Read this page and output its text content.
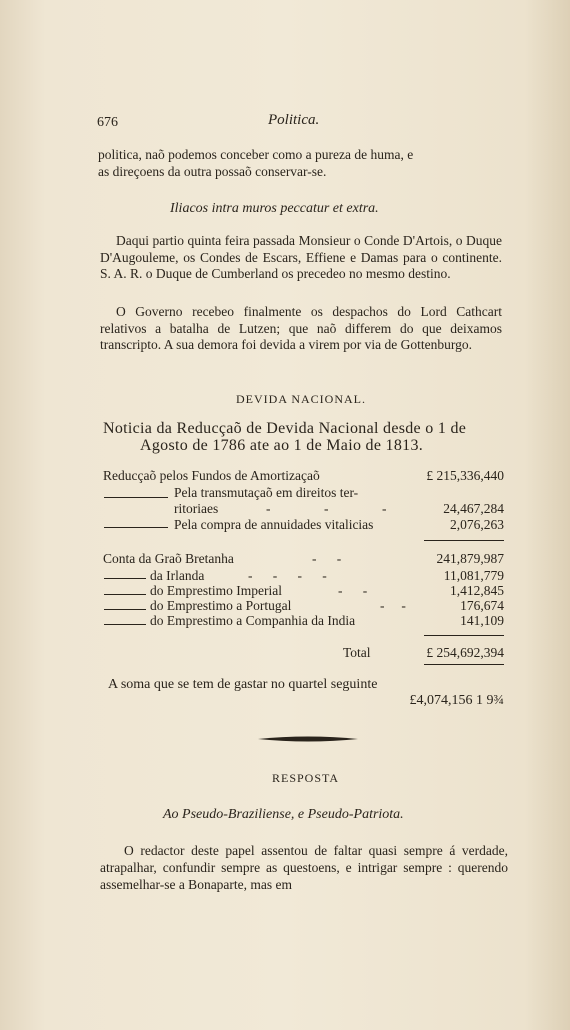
676	Politica.
politica, naõ podemos conceber como a pureza de huma, e
as direçoens da outra possaõ conservar-se.
Iliacos intra muros peccatur et extra.
Daqui partio quinta feira passada Monsieur o Conde D'Artois, o Duque D'Augouleme, os Condes de Escars, Effiene e Damas para o continente. S. A. R. o Duque de Cumberland os precedeo no mesmo destino.
O Governo recebeo finalmente os despachos do Lord Cathcart relativos a batalha de Lutzen; que naõ differem do que deixamos transcripto. A sua demora foi devida a virem por via de Gottenburgo.
DEVIDA NACIONAL.
Noticia da Reducçaõ de Devida Nacional desde o 1 de
Agosto de 1786 ate ao 1 de Maio de 1813.
Reducçaõ pelos Fundos de Amortizaçaõ	£ 215,336,440
Pela transmutaçaõ em direitos ter-
ritoriaes	-    -    -	24,467,284
Pela compra de annuidades vitalicias	2,076,263
Conta da Graõ Bretanha	-      -	241,879,987
da Irlanda	-      -      -      -	11,081,779
do Emprestimo Imperial	-      -	1,412,845
do Emprestimo a Portugal	-     -	176,674
do Emprestimo a Companhia da India	141,109
Total	£ 254,692,394
A soma que se tem de gastar no quartel seguinte
£4,074,156 1 9¾
RESPOSTA
Ao Pseudo-Braziliense, e Pseudo-Patriota.
O redactor deste papel assentou de faltar quasi sempre á verdade, atrapalhar, confundir sempre as questoens, e intrigar sempre : querendo assemelhar-se a Bonaparte, mas em
